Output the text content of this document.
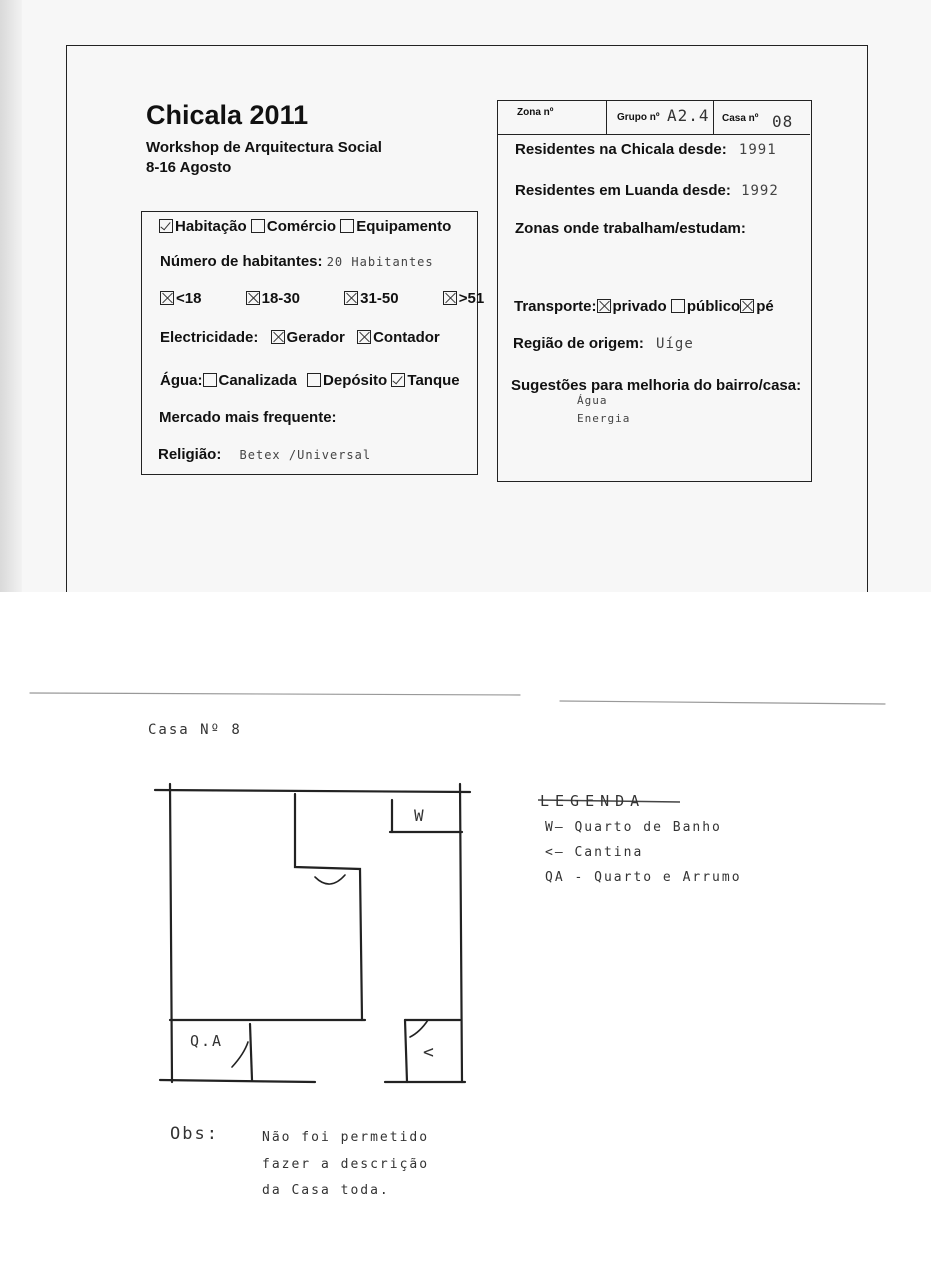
Chicala 2011
Workshop de Arquitectura Social
8-16 Agosto
Habitação Comércio Equipamento
Número de habitantes: 20 Habitantes
<18	18-30	31-50	>51
Electricidade: Gerador Contador
Água: Canalizada Depósito Tanque
Mercado mais frequente:
Religião: Betex /Universal
Zona nº	Grupo nº A2.4 Casa nº 08
Residentes na Chicala desde: 1991
Residentes em Luanda desde: 1992
Zonas onde trabalham/estudam:
Transporte: privado público pé
Região de origem: Uíge
Sugestões para melhoria do bairro/casa:
Água
Energia
Casa Nº 8
W
Q.A
<
LEGENDA
W— Quarto de Banho
<— Cantina
QA - Quarto e Arrumo
Obs:	Não foi permetido
fazer a descrição
da Casa toda.
